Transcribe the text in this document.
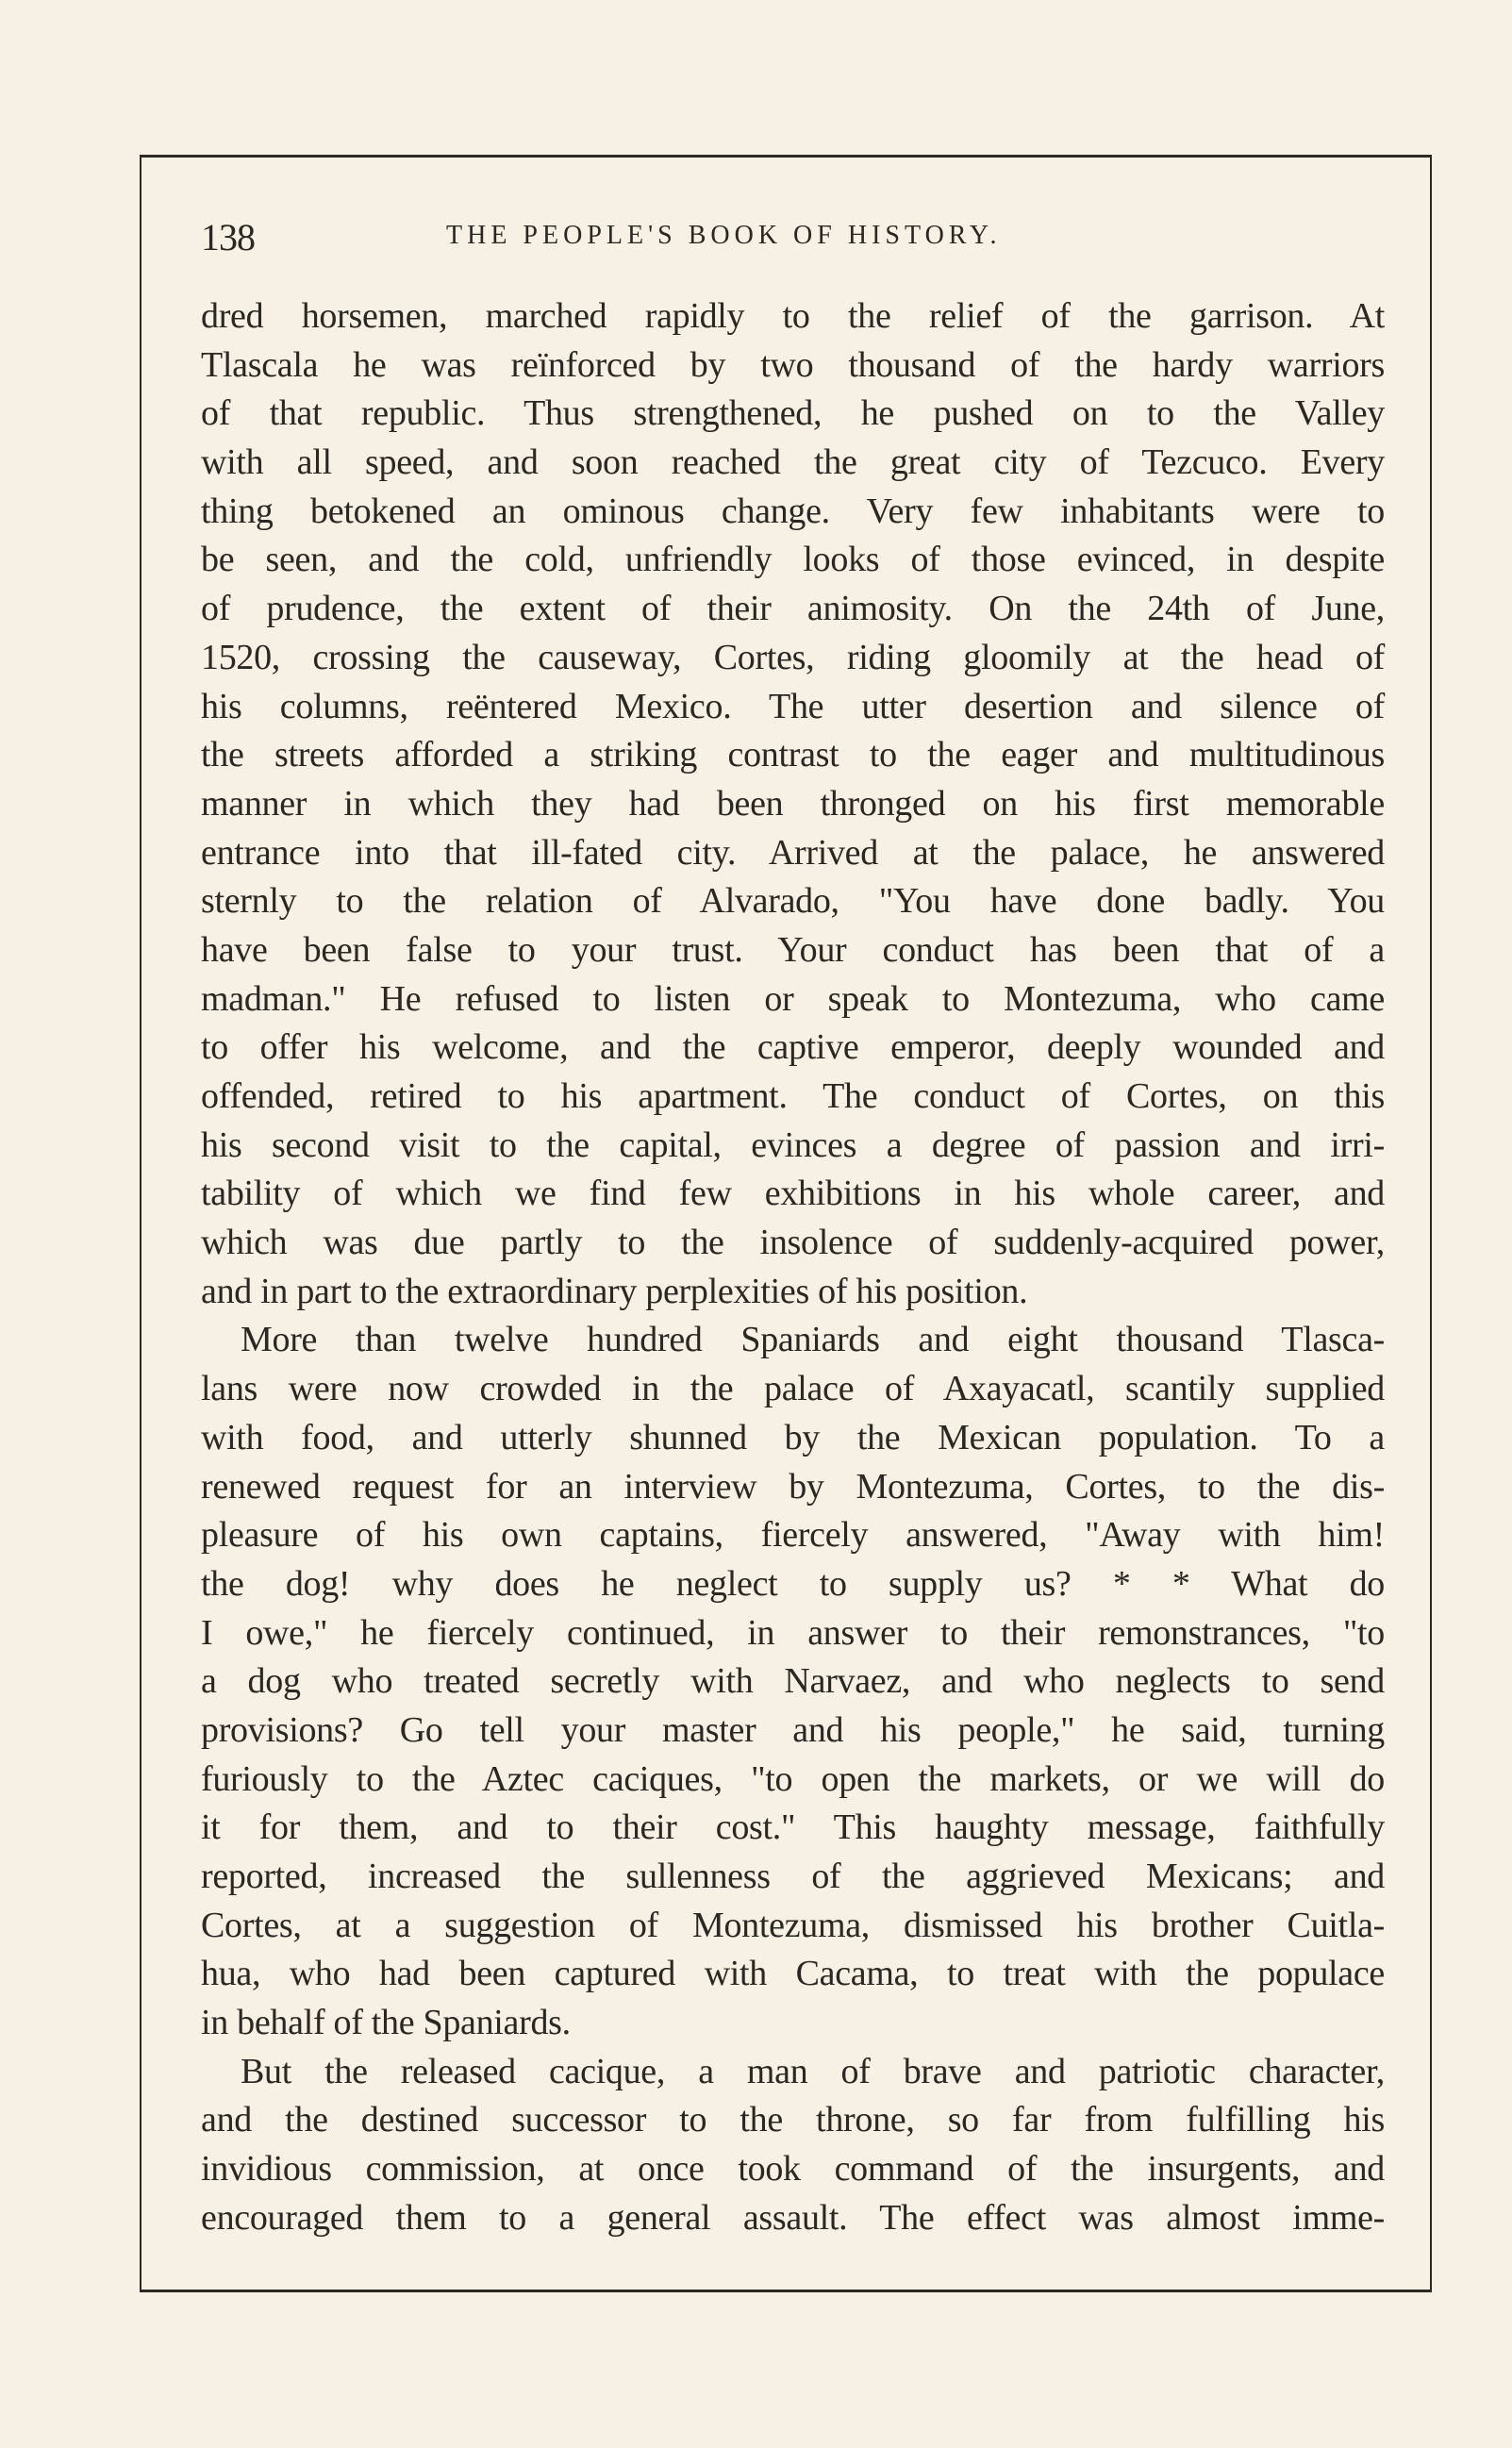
138	THE PEOPLE'S BOOK OF HISTORY.
dred horsemen, marched rapidly to the relief of the garrison. At
Tlascala he was reïnforced by two thousand of the hardy warriors
of that republic. Thus strengthened, he pushed on to the Valley
with all speed, and soon reached the great city of Tezcuco. Every
thing betokened an ominous change. Very few inhabitants were to
be seen, and the cold, unfriendly looks of those evinced, in despite
of prudence, the extent of their animosity. On the 24th of June,
1520, crossing the causeway, Cortes, riding gloomily at the head of
his columns, reëntered Mexico. The utter desertion and silence of
the streets afforded a striking contrast to the eager and multitudinous
manner in which they had been thronged on his first memorable
entrance into that ill-fated city. Arrived at the palace, he answered
sternly to the relation of Alvarado, "You have done badly. You
have been false to your trust. Your conduct has been that of a
madman." He refused to listen or speak to Montezuma, who came
to offer his welcome, and the captive emperor, deeply wounded and
offended, retired to his apartment. The conduct of Cortes, on this
his second visit to the capital, evinces a degree of passion and irri-
tability of which we find few exhibitions in his whole career, and
which was due partly to the insolence of suddenly-acquired power,
and in part to the extraordinary perplexities of his position.
More than twelve hundred Spaniards and eight thousand Tlasca-
lans were now crowded in the palace of Axayacatl, scantily supplied
with food, and utterly shunned by the Mexican population. To a
renewed request for an interview by Montezuma, Cortes, to the dis-
pleasure of his own captains, fiercely answered, "Away with him!
the dog! why does he neglect to supply us? * * What do
I owe," he fiercely continued, in answer to their remonstrances, "to
a dog who treated secretly with Narvaez, and who neglects to send
provisions? Go tell your master and his people," he said, turning
furiously to the Aztec caciques, "to open the markets, or we will do
it for them, and to their cost." This haughty message, faithfully
reported, increased the sullenness of the aggrieved Mexicans; and
Cortes, at a suggestion of Montezuma, dismissed his brother Cuitla-
hua, who had been captured with Cacama, to treat with the populace
in behalf of the Spaniards.
But the released cacique, a man of brave and patriotic character,
and the destined successor to the throne, so far from fulfilling his
invidious commission, at once took command of the insurgents, and
encouraged them to a general assault. The effect was almost imme-
